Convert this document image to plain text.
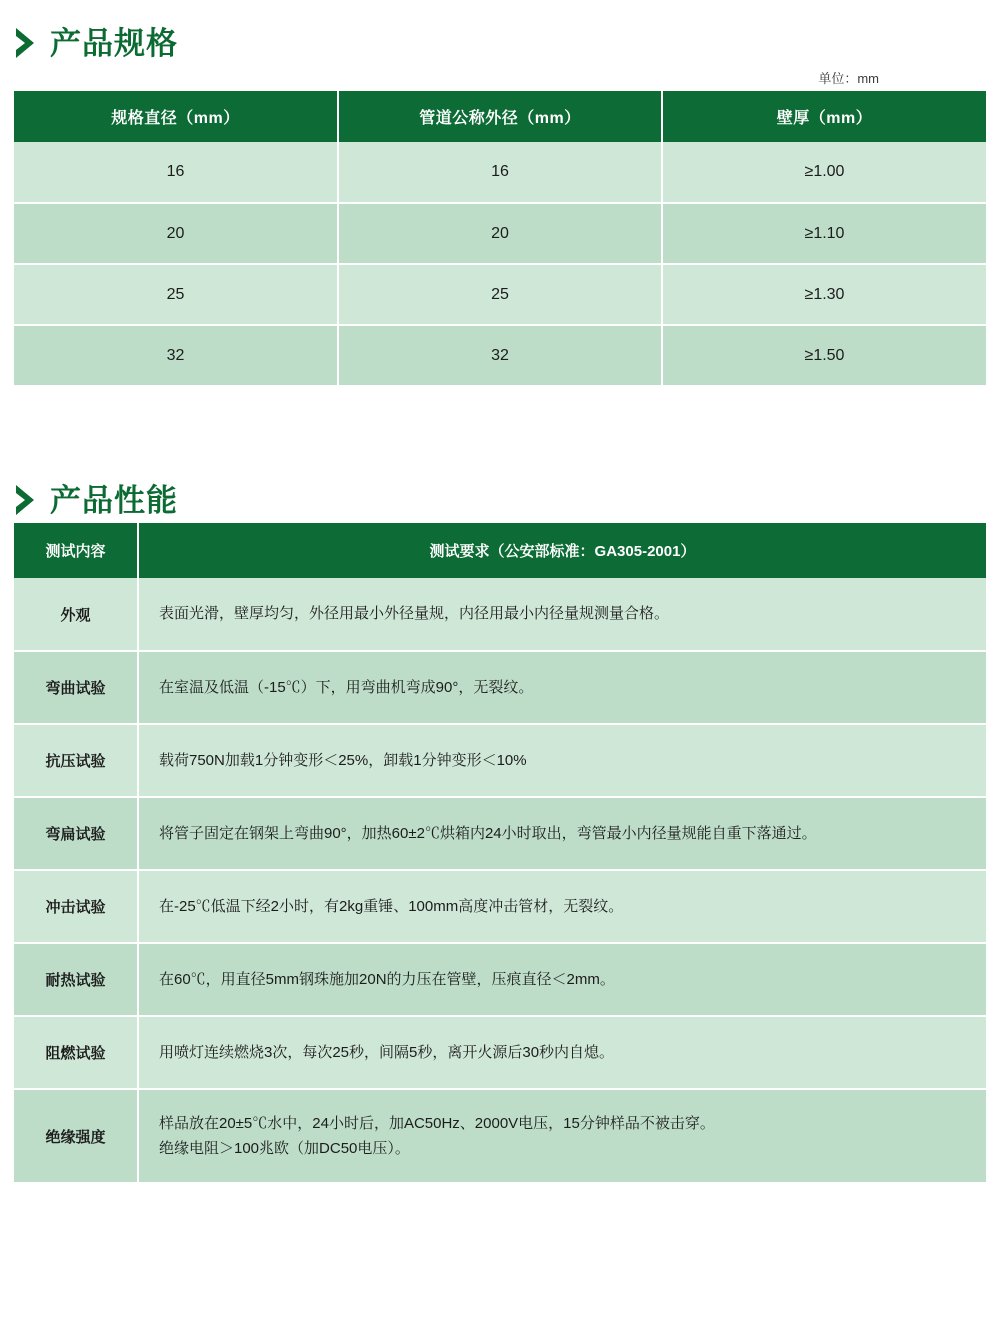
产品规格
单位：mm
规格直径（mm）	管道公称外径（mm）	壁厚（mm）
16	16	≥1.00
20	20	≥1.10
25	25	≥1.30
32	32	≥1.50
产品性能
测试内容	测试要求（公安部标准：GA305-2001）
外观	表面光滑，壁厚均匀，外径用最小外径量规，内径用最小内径量规测量合格。
弯曲试验	在室温及低温（-15℃）下，用弯曲机弯成90°，无裂纹。
抗压试验	载荷750N加载1分钟变形＜25%，卸载1分钟变形＜10%
弯扁试验	将管子固定在钢架上弯曲90°，加热60±2℃烘箱内24小时取出，弯管最小内径量规能自重下落通过。
冲击试验	在-25℃低温下经2小时，有2kg重锤、100mm高度冲击管材，无裂纹。
耐热试验	在60℃，用直径5mm钢珠施加20N的力压在管壁，压痕直径＜2mm。
阻燃试验	用喷灯连续燃烧3次，每次25秒，间隔5秒，离开火源后30秒内自熄。
绝缘强度	样品放在20±5℃水中，24小时后，加AC50Hz、2000V电压，15分钟样品不被击穿。
绝缘电阻＞100兆欧（加DC50电压）。
